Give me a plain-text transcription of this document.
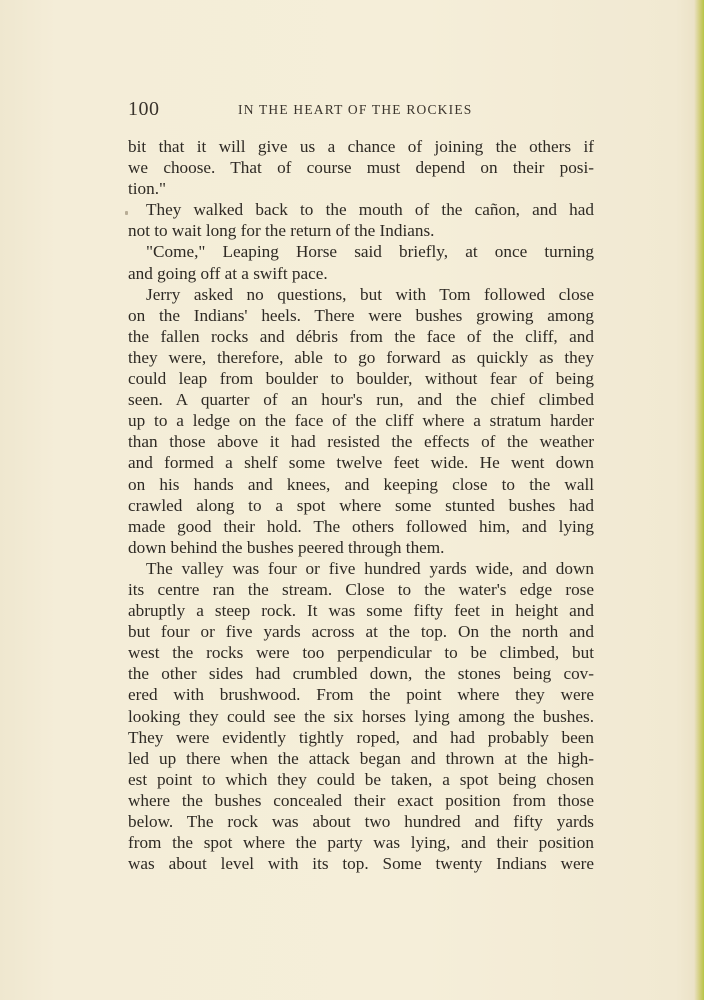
100	IN THE HEART OF THE ROCKIES
bit that it will give us a chance of joining the others if
we choose. That of course must depend on their posi-
tion."
They walked back to the mouth of the cañon, and had
not to wait long for the return of the Indians.
"Come," Leaping Horse said briefly, at once turning
and going off at a swift pace.
Jerry asked no questions, but with Tom followed close
on the Indians' heels. There were bushes growing among
the fallen rocks and débris from the face of the cliff, and
they were, therefore, able to go forward as quickly as they
could leap from boulder to boulder, without fear of being
seen. A quarter of an hour's run, and the chief climbed
up to a ledge on the face of the cliff where a stratum harder
than those above it had resisted the effects of the weather
and formed a shelf some twelve feet wide. He went down
on his hands and knees, and keeping close to the wall
crawled along to a spot where some stunted bushes had
made good their hold. The others followed him, and lying
down behind the bushes peered through them.
The valley was four or five hundred yards wide, and down
its centre ran the stream. Close to the water's edge rose
abruptly a steep rock. It was some fifty feet in height and
but four or five yards across at the top. On the north and
west the rocks were too perpendicular to be climbed, but
the other sides had crumbled down, the stones being cov-
ered with brushwood. From the point where they were
looking they could see the six horses lying among the bushes.
They were evidently tightly roped, and had probably been
led up there when the attack began and thrown at the high-
est point to which they could be taken, a spot being chosen
where the bushes concealed their exact position from those
below. The rock was about two hundred and fifty yards
from the spot where the party was lying, and their position
was about level with its top. Some twenty Indians were
